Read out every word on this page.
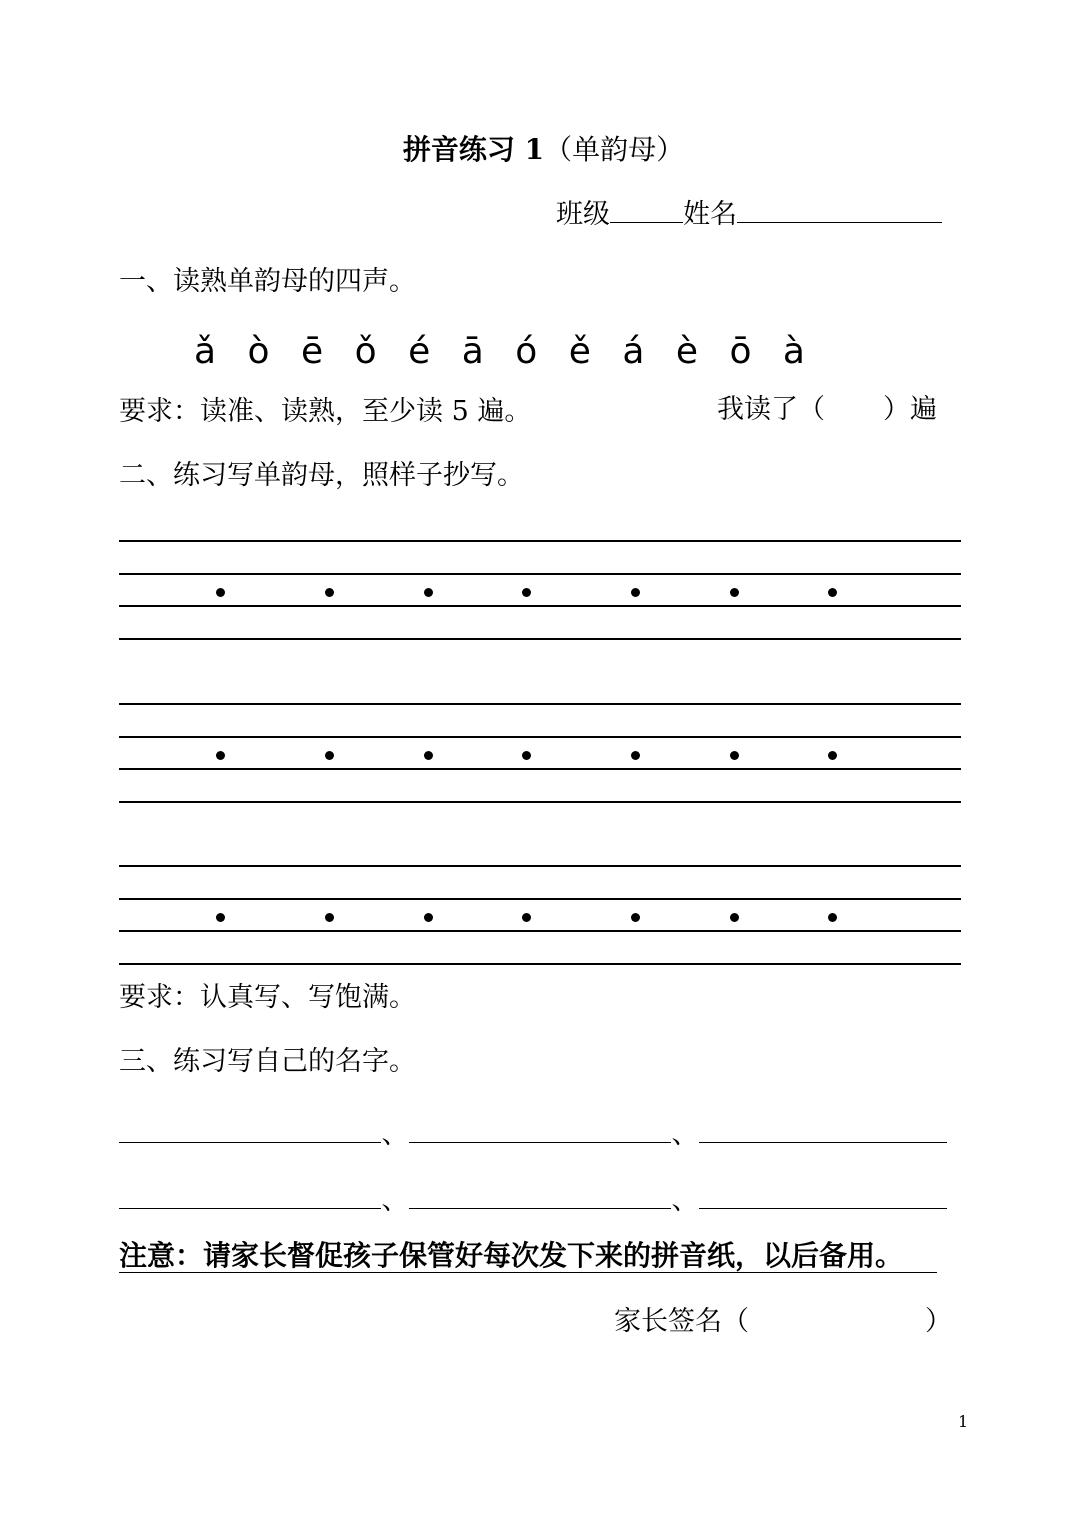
拼音练习 1（单韵母）
班级	姓名
一、读熟单韵母的四声。
ǎ ò ē ǒ é ā ó ě á è ō à
要求：读准、读熟，至少读 5 遍。	我读了（ ）遍
二、练习写单韵母，照样子抄写。
要求：认真写、写饱满。
三、练习写自己的名字。
、	、
、	、
注意：请家长督促孩子保管好每次发下来的拼音纸，以后备用。
家长签名（	）
1
